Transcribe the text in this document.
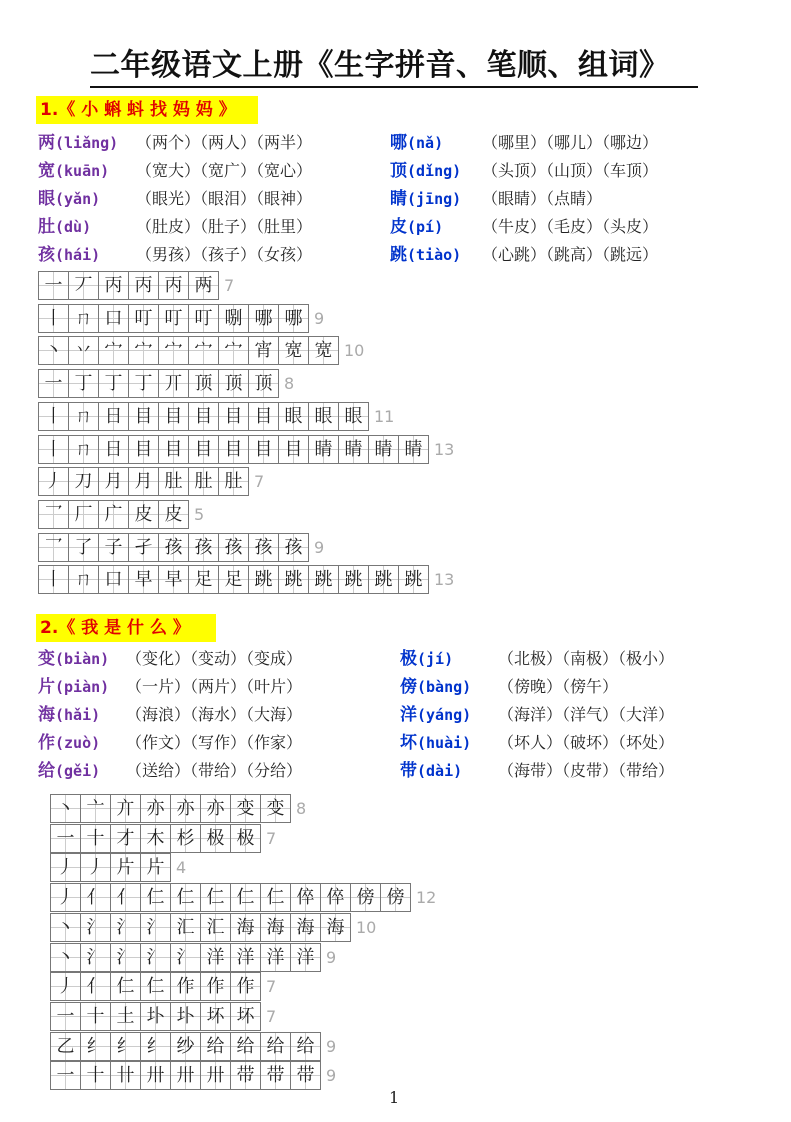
二年级语文上册《生字拼音、笔顺、组词》
1.《 小 蝌 蚪 找 妈 妈 》
两(liǎng) （两个）（两人）（两半）
宽(kuān) （宽大）（宽广）（宽心）
眼(yǎn) （眼光）（眼泪）（眼神）
肚(dù)	（肚皮）（肚子）（肚里）
孩(hái) （男孩）（孩子）（女孩）
哪(nǎ) （哪里）（哪儿）（哪边）
顶(dǐng) （头顶）（山顶）（车顶）
睛(jīng) （眼睛）（点睛）
皮(pí) （牛皮）（毛皮）（头皮）
跳(tiào) （心跳）（跳高）（跳远）
一 丆 丙 丙 丙 两 7
丨 ㄇ 口 叮 叮 叮 哵 哪 哪 9
丶 丷 宀 宀 宀 宀 宀 宵 宽 宽 10
一 丁 丁 丁 丌 顶 顶 顶 8
丨 ㄇ 日 目 目 目 目 目 眼 眼 眼 11
丨 ㄇ 日 目 目 目 目 目 目 睛 睛 睛 睛 13
丿 刀 月 月 肚 肚 肚 7
乛 厂 广 皮 皮 5
乛 了 子 孑 孩 孩 孩 孩 孩 9
丨 ㄇ 口 早 早 足 足 跳 跳 跳 跳 跳 跳 13
2.《 我 是 什 么 》
变(biàn) （变化）（变动）（变成）
片(piàn) （一片）（两片）（叶片）
海(hǎi) （海浪）（海水）（大海）
作(zuò) （作文）（写作）（作家）
给(gěi) （送给）（带给）（分给）
极(jí)	（北极）（南极）（极小）
傍(bàng) （傍晚）（傍午）
洋(yáng) （海洋）（洋气）（大洋）
坏(huài) （坏人）（破坏）（坏处）
带(dài) （海带）（皮带）（带给）
丶 亠 亣 亦 亦 亦 变 变 8
一 十 才 木 杉 极 极 7
丿 丿 片 片 4
丿 亻 亻 仁 仁 仁 仁 仁 倅 倅 傍 傍 12
丶 氵 氵 氵 汇 汇 海 海 海 海 10
丶 氵 氵 氵 氵 洋 洋 洋 洋 9
丿 亻 仁 仁 作 作 作 7
一 十 土 圤 圤 坏 坏 7
乙 纟 纟 纟 纱 给 给 给 给 9
一 十 卄 卅 卅 卅 带 带 带 9
1
